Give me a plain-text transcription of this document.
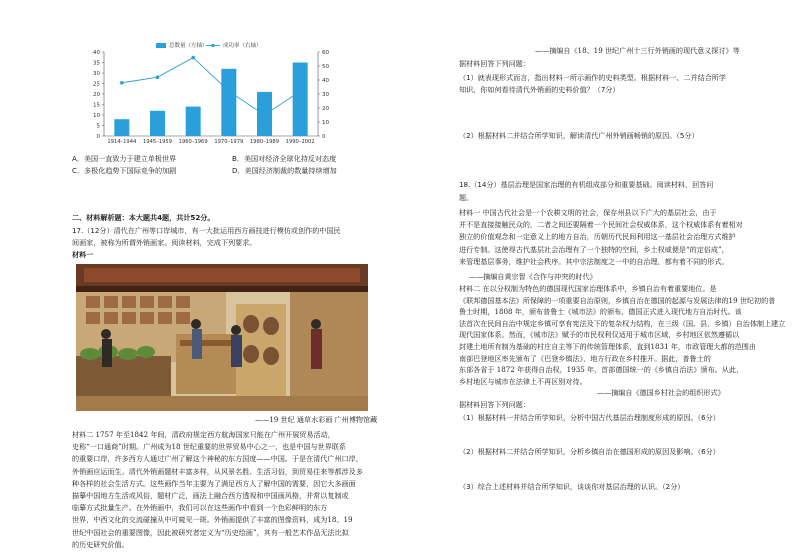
0
5
10
15
20
25
30
35
40
0
10
20
30
40
50
60
1914–1944 1945–1959 1960–1969 1970–1979 1980–1989 1990–2002
总数量（左轴）	成功率（右轴）
A．美国一直致力于建立单极世界	B．美国对经济全球化持反对态度
C．多极化趋势下国际竞争的加剧	D．美国经济制裁的数量持续增加
二、材料解析题：本大题共4题，共计52分。
17.（12分）清代在广州等口岸城市，有一大批运用西方画技进行模仿或创作的中国民
间画家，被称为所谓外销画家。阅读材料，完成下列要求。
材料一
——19 世纪 通草水彩画 广州博物馆藏
材料二 1757 年至1842 年间，清政府规定西方航海国家只能在广州开展贸易活动，
史称“一口通商”时期。广州成为18 世纪重要的世界贸易中心之一，也是中国与世界联系
的重要口岸，许多西方人通过广州了解这个神秘的东方国度——中国。于是在清代广州口岸，
外销画应运而生。清代外销画题材丰富多样，从风景名胜、生活习俗，到贸易往来等都涉及多
种各样的社会生活方式。这些画作当年主要为了满足西方人了解中国的需要，因它大多画面
描摹中国地方生活或风俗，题材广泛，画法上融合西方透视和中国画风格，并常以复制或
临摹方式批量生产。在外销画中，我们可以在这些画作中看到一个色彩鲜明的东方
世界，中西文化的交流碰撞从中可窥见一斑。外销画提供了丰富的图像资料，成为18、19
世纪中国社会的重要图像，因此被研究者定义为“历史绘画”，其有一般艺术作品无法比拟
的历史研究价值。
——摘编自《18、19 世纪广州十三行外销画的现代意义探讨》等
据材料回答下列问题：
（1）就表现形式而言，指出材料一所示画作的史料类型。根据材料一、二并结合所学
知识，你如何看待清代外销画的史料价值？（7分）
（2）根据材料二并结合所学知识，解读清代广州外销画畅销的原因。（5分）
18.（14分）基层治理是国家治理的有机组成部分和重要基础。阅读材料，回答问
题。
材料一 中国古代社会是一个农耕文明的社会，保存州县以下广大的基层社会，由于
并不是直接接触民众的，二者之间还要隔着一个民间社会权威体系，这个权威体系有着相对
独立的价值观念和一定意义上的地方自治，历朝历代民间利用这一基层社会治理方式维护
进行专制。这使得古代基层社会治理有了一个独特的空间，乡土权威便是“的定俗成”，
来管理基层事务，维护社会秩序。其中宗法制度之一中的自治理，都有着不同的形式。
——摘编自黄宗智《合作与冲突的时代》
材料二 在以分权制为特色的德国现代国家治理体系中，乡镇自治有着重要地位。是
《联邦德国基本法》所保障的一项重要自治原则，乡镇自治在德国的起源与发展法律的19 世纪初的普
鲁士时期，1808 年，颁布普鲁士《城市法》的颁布，德国正式进入现代地方自治时代。该
法首次在民间自治中规定乡镇可享有宪法及下的复杂权力结构，在三级（国、县、乡镇）自治体制上建立
现代国家体系。然而，《城市法》赋予的市民权利仅适用于城市区域，乡村地区依然遵循以
封建土地所有制为基础的村庄自主等下的传统管理体系，直到1831 年，市政管理大都的范围由
南部巴登地区率先颁布了《巴登乡镇法》，地方行政在乡村推开。据此，普鲁士的
东部各省于 1872 年获得自治权，1935 年，首部德国统一的《乡镇自治法》颁布。从此，
乡村地区与城市在法律上不再区别对待。
——摘编自《德国乡村社会的组织形式》
据材料回答下列问题：
（1）根据材料一并结合所学知识，分析中国古代基层治理制度形成的原因。（6分）
（2）根据材料二并结合所学知识，分析乡镇自治在德国形成的原因及影响。（6分）
（3）综合上述材料并结合所学知识，谈谈你对基层治理的认识。（2分）
